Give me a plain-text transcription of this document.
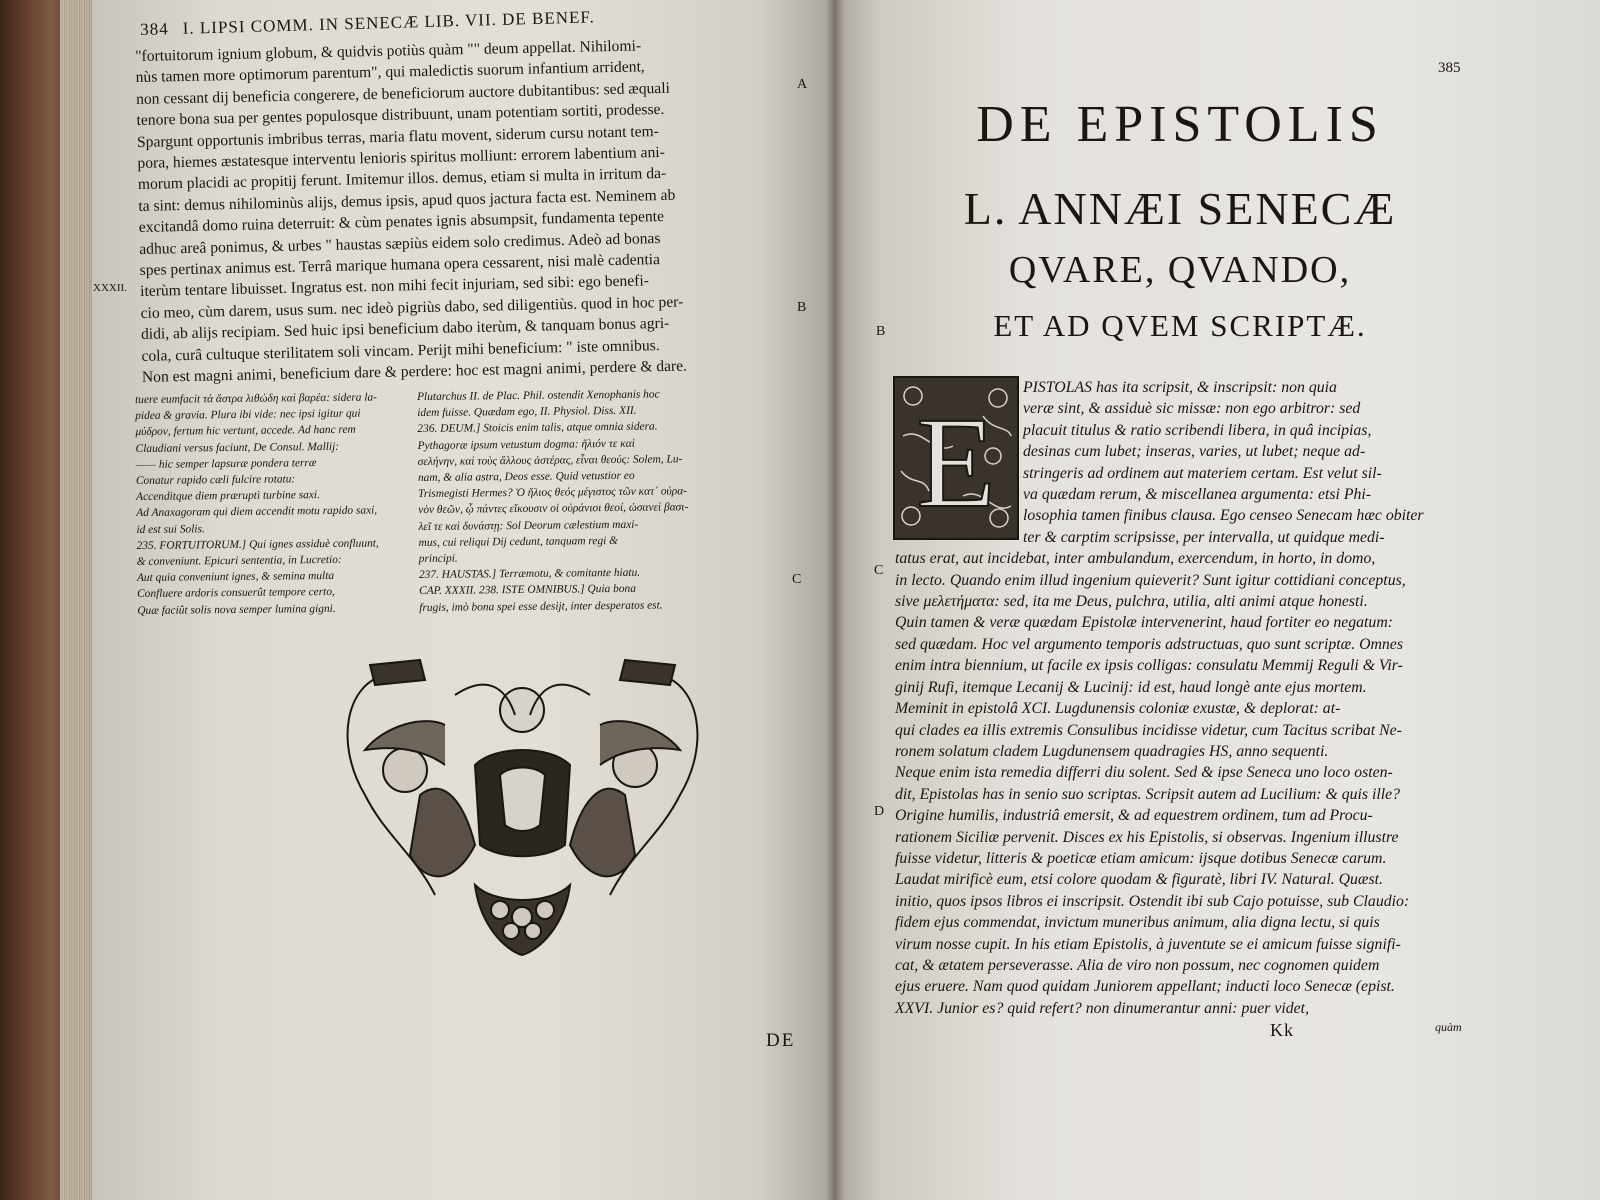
384 I. LIPSI COMM. IN SENECÆ LIB. VII. DE BENEF.
"fortuitorum ignium globum, & quidvis potiùs quàm "" deum appellat. Nihilomi-
nùs tamen more optimorum parentum", qui maledictis suorum infantium arrident,
non cessant dij beneficia congerere, de beneficiorum auctore dubitantibus: sed æquali
tenore bona sua per gentes populosque distribuunt, unam potentiam sortiti, prodesse.
Spargunt opportunis imbribus terras, maria flatu movent, siderum cursu notant tem-
pora, hiemes æstatesque interventu lenioris spiritus molliunt: errorem labentium ani-
morum placidi ac propitij ferunt. Imitemur illos. demus, etiam si multa in irritum da-
ta sint: demus nihilominùs alijs, demus ipsis, apud quos jactura facta est. Neminem ab
excitandâ domo ruina deterruit: & cùm penates ignis absumpsit, fundamenta tepente
adhuc areâ ponimus, & urbes " haustas sæpiùs eidem solo credimus. Adeò ad bonas
spes pertinax animus est. Terrâ marique humana opera cessarent, nisi malè cadentia
iterùm tentare libuisset. Ingratus est. non mihi fecit injuriam, sed sibi: ego benefi-
cio meo, cùm darem, usus sum. nec ideò pigriùs dabo, sed diligentiùs. quod in hoc per-
didi, ab alijs recipiam. Sed huic ipsi beneficium dabo iterùm, & tanquam bonus agri-
cola, curâ cultuque sterilitatem soli vincam. Perijt mihi beneficium: " iste omnibus.
Non est magni animi, beneficium dare & perdere: hoc est magni animi, perdere & dare.
A
B
C
XXXII.
tuere eumfacit τὰ ἄστρα λιθώδη καὶ βαρέα: sidera la-
pidea & gravia. Plura ibi vide: nec ipsi igitur qui
μύδρον, fertum hic vertunt, accede. Ad hanc rem
Claudiani versus faciunt, De Consul. Mallij:
—— hic semper lapsuræ pondera terræ
Conatur rapido cæli fulcire rotatu:
Accenditque diem præruptì turbine saxi.
Ad Anaxagoram qui diem accendit motu rapido saxi,
id est sui Solis.
235. FORTUITORUM.] Qui ignes assiduè confluunt,
& conveniunt. Epicuri sententia, in Lucretio:
Aut quia conveniunt ignes, & semina multa
Confluere ardoris consuerût tempore certo,
Quæ faciût solis nova semper lumina gigni.
Plutarchus II. de Plac. Phil. ostendit Xenophanis hoc
idem fuisse. Quædam ego, II. Physiol. Diss. XII.
236. DEUM.] Stoicis enim talis, atque omnia sidera.
Pythagoræ ipsum vetustum dogma: ἥλιόν τε καὶ
σελήνην, καὶ τοὺς ἄλλους ἀστέρας, εἶναι θεούς: Solem, Lu-
nam, & alia astra, Deos esse. Quid vetustior eo
Trismegisti Hermes? Ὁ ἥλιος θεός μέγιστος τῶν κατ᾽ οὐρα-
νὸν θεῶν, ᾧ πάντες εἴκουσιν οἱ οὐράνιοι θεοί, ὡσανεὶ βασι-
λεῖ τε καὶ δυνάστῃ: Sol Deorum cælestium maxi-
mus, cui reliqui Dij cedunt, tanquam regi &
principi.
237. HAUSTAS.] Terræmotu, & comitante hiatu.
CAP. XXXII. 238. ISTE OMNIBUS.] Quia bona
frugis, imò bona spei esse desijt, inter desperatos est.
DE
385
DE EPISTOLIS
L. ANNÆI SENECÆ
QVARE, QVANDO,
ET AD QVEM SCRIPTÆ.
B
C
D
E
PISTOLAS has ita scripsit, & inscripsit: non quia
veræ sint, & assiduè sic missæ: non ego arbitror: sed
placuit titulus & ratio scribendi libera, in quâ incipias,
desinas cum lubet; inseras, varies, ut lubet; neque ad-
stringeris ad ordinem aut materiem certam. Est velut sil-
va quædam rerum, & miscellanea argumenta: etsi Phi-
losophia tamen finibus clausa. Ego censeo Senecam hæc obiter
ter & carptim scripsisse, per intervalla, ut quidque medi-
tatus erat, aut incidebat, inter ambulandum, exercendum, in horto, in domo,
in lecto. Quando enim illud ingenium quieverit? Sunt igitur cottidiani conceptus,
sive μελετήματα: sed, ita me Deus, pulchra, utilia, alti animi atque honesti.
Quin tamen & veræ quædam Epistolæ intervenerint, haud fortiter eo negatum:
sed quædam. Hoc vel argumento temporis adstructuas, quo sunt scriptæ. Omnes
enim intra biennium, ut facile ex ipsis colligas: consulatu Memmij Reguli & Vir-
ginij Rufi, itemque Lecanij & Lucinij: id est, haud longè ante ejus mortem.
Meminit in epistolâ XCI. Lugdunensis coloniæ exustæ, & deplorat: at-
qui clades ea illis extremis Consulibus incidisse videtur, cum Tacitus scribat Ne-
ronem solatum cladem Lugdunensem quadragies HS, anno sequenti.
Neque enim ista remedia differri diu solent. Sed & ipse Seneca uno loco osten-
dit, Epistolas has in senio suo scriptas. Scripsit autem ad Lucilium: & quis ille?
Origine humilis, industriâ emersit, & ad equestrem ordinem, tum ad Procu-
rationem Siciliæ pervenit. Disces ex his Epistolis, si observas. Ingenium illustre
fuisse videtur, litteris & poeticæ etiam amicum: ijsque dotibus Senecæ carum.
Laudat mirificè eum, etsi colore quodam & figuratè, libri IV. Natural. Quæst.
initio, quos ipsos libros ei inscripsit. Ostendit ibi sub Cajo potuisse, sub Claudio:
fidem ejus commendat, invictum muneribus animum, alia digna lectu, si quis
virum nosse cupit. In his etiam Epistolis, à juventute se ei amicum fuisse signifi-
cat, & ætatem perseverasse. Alia de viro non possum, nec cognomen quidem
ejus eruere. Nam quod quidam Juniorem appellant; inducti loco Senecæ (epist.
XXVI. Junior es? quid refert? non dinumerantur anni: puer videt,
Kk	quàm
